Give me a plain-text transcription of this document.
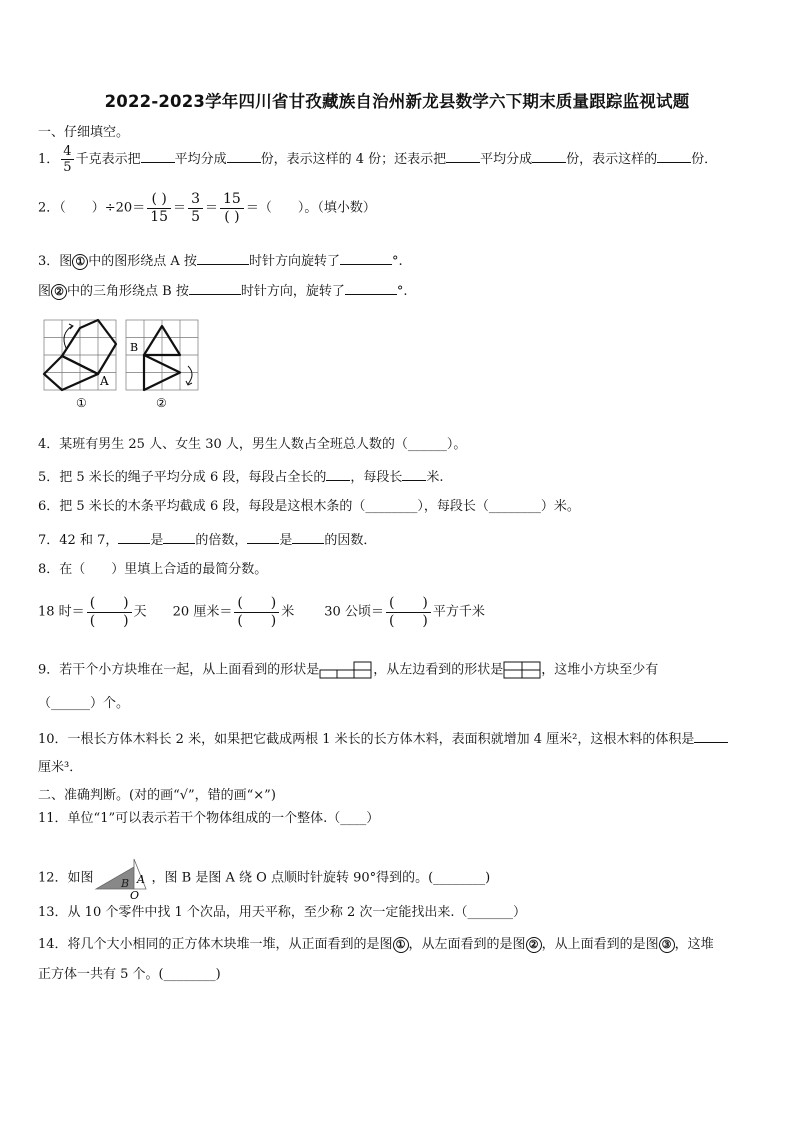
2022-2023学年四川省甘孜藏族自治州新龙县数学六下期末质量跟踪监视试题
一、仔细填空。
1． $\frac{4}{5}$ 千克表示把	平均分成	份，表示这样的 4 份；还表示把	平均分成	份，表示这样的	份．
2．（　　）$\div 20= \frac{( )}{15} = \frac{3}{5} = \frac{15}{( )}$ ＝（　　）。（填小数）
3．图 ① 中的图形绕点 A 按	时针方向旋转了	°.
图 ② 中的三角形绕点 B 按	时针方向，旋转了	°.
A
①
B
②
4．某班有男生 25 人、女生 30 人，男生人数占全班总人数的（______）。
5．把 5 米长的绳子平均分成 6 段，每段占全长的 ，每段长 米.
6．把 5 米长的木条平均截成 6 段，每段是这根木条的（________），每段长（________）米。
7．42 和 7， 是 的倍数， 是 的因数．
8．在（　　）里填上合适的最简分数。
18 时＝ $\frac{( )}{( )}$ 天 20 厘米＝ $\frac{( )}{( )}$ 米 30 公顷＝ $\frac{( )}{( )}$ 平方千米
9．若干个小方块堆在一起，从上面看到的形状是	，从左边看到的形状是	，这堆小方块至少有
（______）个。
10．一根长方体木料长 2 米，如果把它截成两根 1 米长的长方体木料，表面积就增加 4 厘米²，这根木料的体积是
厘米³．
二、准确判断。(对的画“√”，错的画“×”)
11．单位“1”可以表示若干个物体组成的一个整体.（____）
12．如图	A
B
O
，图 B 是图 A 绕 O 点顺时针旋转 90°得到的。(________)
13．从 10 个零件中找 1 个次品，用天平称，至少称 2 次一定能找出来.（_______）
14．将几个大小相同的正方体木块堆一堆，从正面看到的是图 ① ，从左面看到的是图 ② ，从上面看到的是图 ③ ，这堆
正方体一共有 5 个。(________)
